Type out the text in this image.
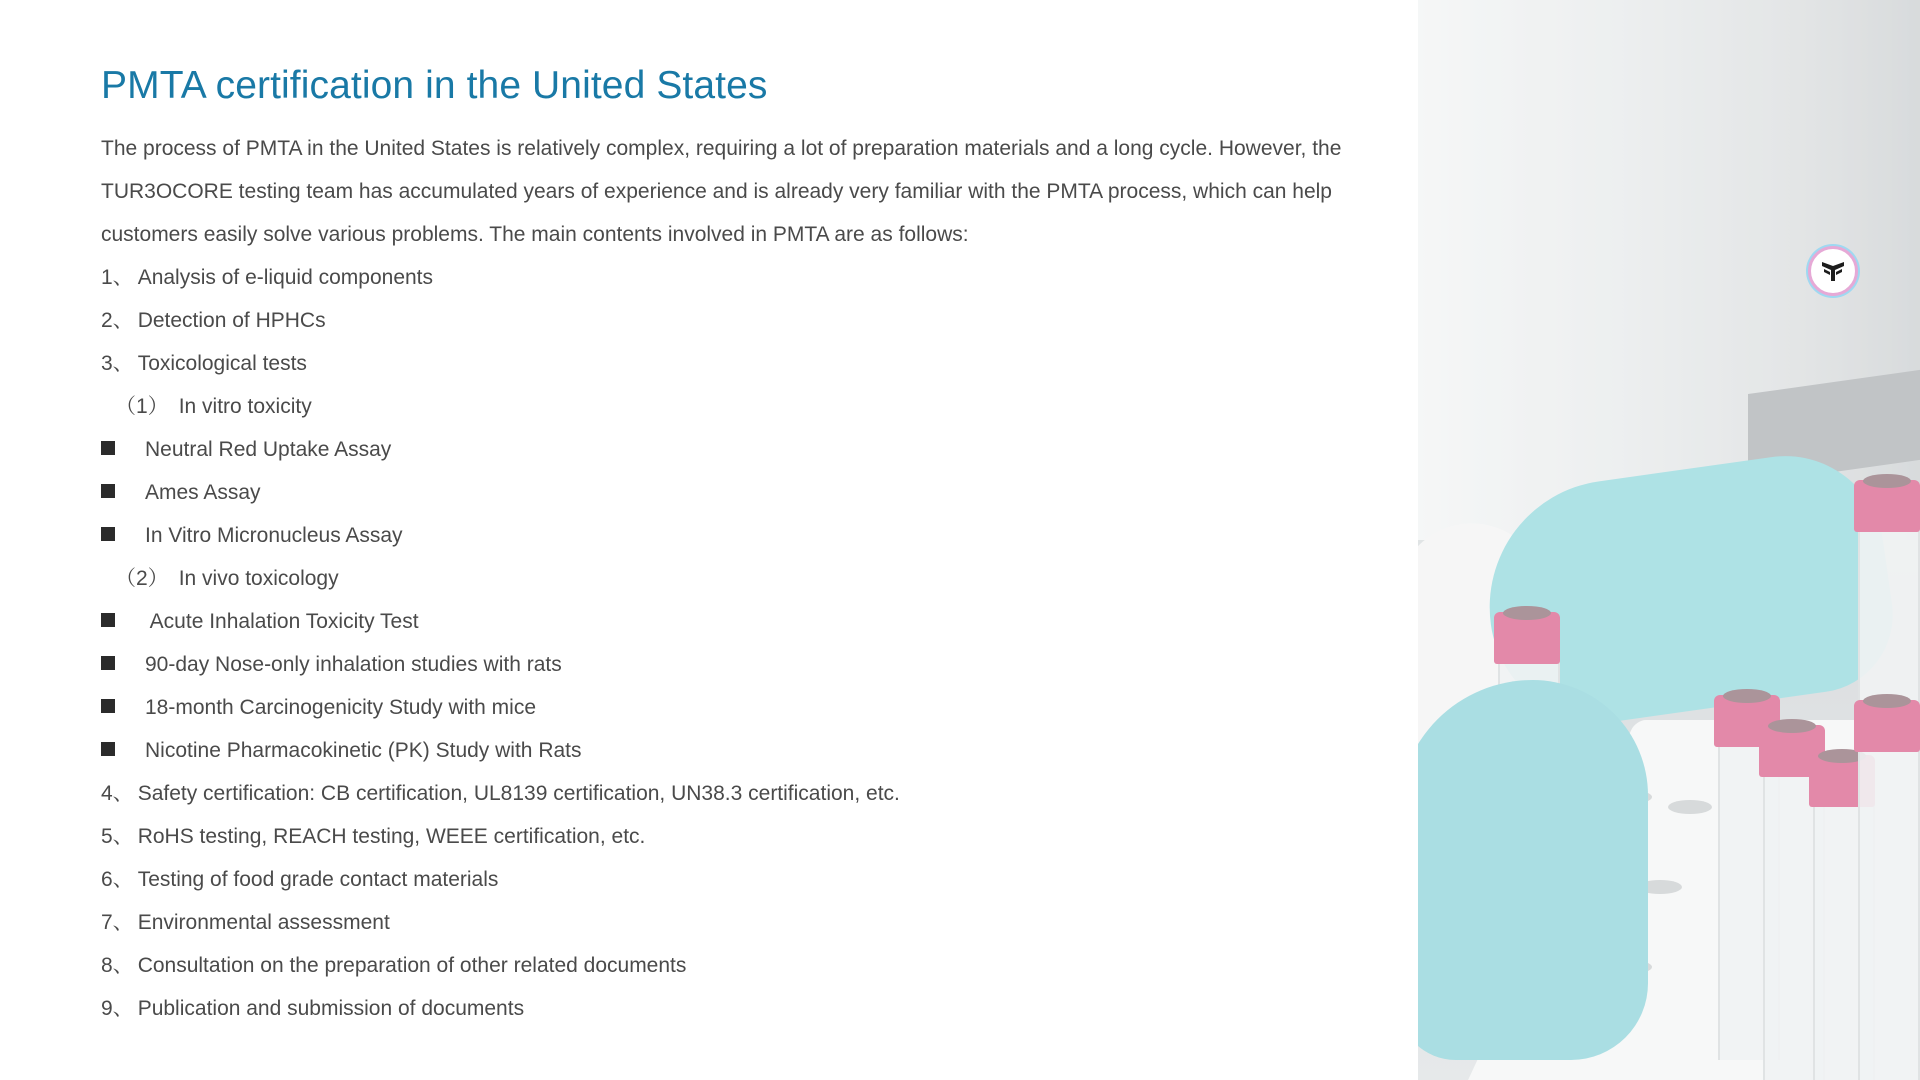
PMTA certification in the United States

The process of PMTA in the United States is relatively complex, requiring a lot of preparation materials and a long cycle. However, the TUR3OCORE testing team has accumulated years of experience and is already very familiar with the PMTA process, which can help customers easily solve various problems. The main contents involved in PMTA are as follows:

1、 Analysis of e-liquid components
2、 Detection of HPHCs
3、 Toxicological tests
（1） In vitro toxicity
Neutral Red Uptake Assay
Ames Assay
In Vitro Micronucleus Assay
（2） In vivo toxicology
Acute Inhalation Toxicity Test
90-day Nose-only inhalation studies with rats
18-month Carcinogenicity Study with mice
Nicotine Pharmacokinetic (PK) Study with Rats
4、 Safety certification: CB certification, UL8139 certification, UN38.3 certification, etc.
5、 RoHS testing, REACH testing, WEEE certification, etc.
6、 Testing of food grade contact materials
7、 Environmental assessment
8、 Consultation on the preparation of other related documents
9、 Publication and submission of documents
